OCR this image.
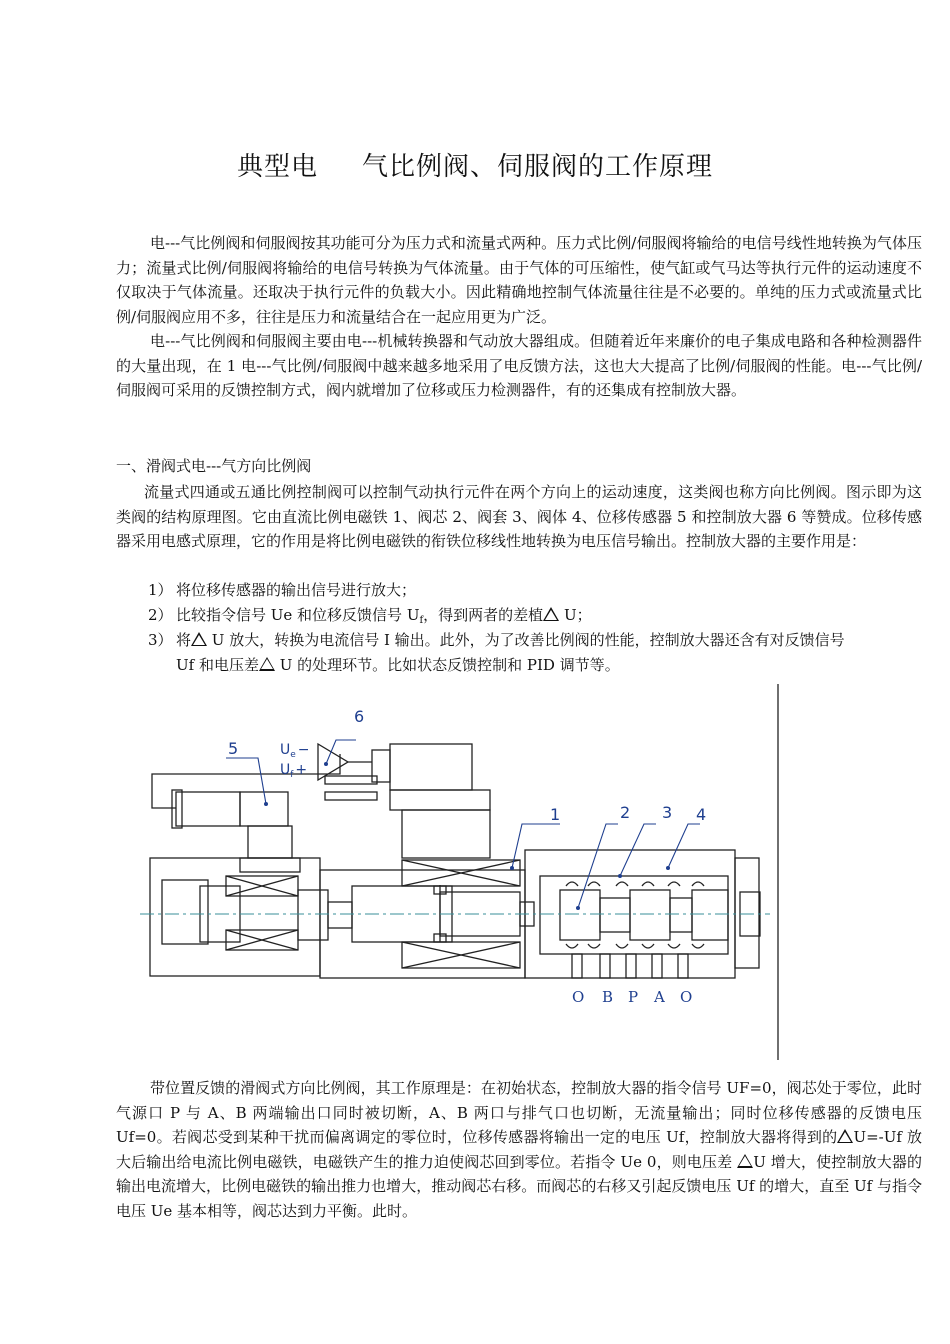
典型电 气比例阀、伺服阀的工作原理
电---气比例阀和伺服阀按其功能可分为压力式和流量式两种。压力式比例/伺服阀将输给的电信号线性地转换为气体压力；流量式比例/伺服阀将输给的电信号转换为气体流量。由于气体的可压缩性，使气缸或气马达等执行元件的运动速度不仅取决于气体流量。还取决于执行元件的负载大小。因此精确地控制气体流量往往是不必要的。单纯的压力式或流量式比例/伺服阀应用不多，往往是压力和流量结合在一起应用更为广泛。
电---气比例阀和伺服阀主要由电---机械转换器和气动放大器组成。但随着近年来廉价的电子集成电路和各种检测器件的大量出现，在 1 电---气比例/伺服阀中越来越多地采用了电反馈方法，这也大大提高了比例/伺服阀的性能。电---气比例/伺服阀可采用的反馈控制方式，阀内就增加了位移或压力检测器件，有的还集成有控制放大器。
一、滑阀式电---气方向比例阀
流量式四通或五通比例控制阀可以控制气动执行元件在两个方向上的运动速度，这类阀也称方向比例阀。图示即为这类阀的结构原理图。它由直流比例电磁铁 1、阀芯 2、阀套 3、阀体 4、位移传感器 5 和控制放大器 6 等赞成。位移传感器采用电感式原理，它的作用是将比例电磁铁的衔铁位移线性地转换为电压信号输出。控制放大器的主要作用是：
1） 将位移传感器的输出信号进行放大；
2） 比较指令信号 Ue 和位移反馈信号 $U_f$，得到两者的差植 U；
3） 将 U 放大，转换为电流信号 I 输出。此外，为了改善比例阀的性能，控制放大器还含有对反馈信号
Uf 和电压差 U 的处理环节。比如状态反馈控制和 PID 调节等。
1	2 3 4
5
6
$U_e$ −
$U_f$ +
O B P A O
带位置反馈的滑阀式方向比例阀，其工作原理是：在初始状态，控制放大器的指令信号 UF=0，阀芯处于零位，此时气源口 P 与 A、B 两端输出口同时被切断，A、B 两口与排气口也切断，无流量输出；同时位移传感器的反馈电压 Uf=0。若阀芯受到某种干扰而偏离调定的零位时，位移传感器将输出一定的电压 Uf，控制放大器将得到的 U=-Uf 放大后输出给电流比例电磁铁，电磁铁产生的推力迫使阀芯回到零位。若指令 Ue 0，则电压差 U 增大，使控制放大器的输出电流增大，比例电磁铁的输出推力也增大，推动阀芯右移。而阀芯的右移又引起反馈电压 Uf 的增大，直至 Uf 与指令电压 Ue 基本相等，阀芯达到力平衡。此时。
